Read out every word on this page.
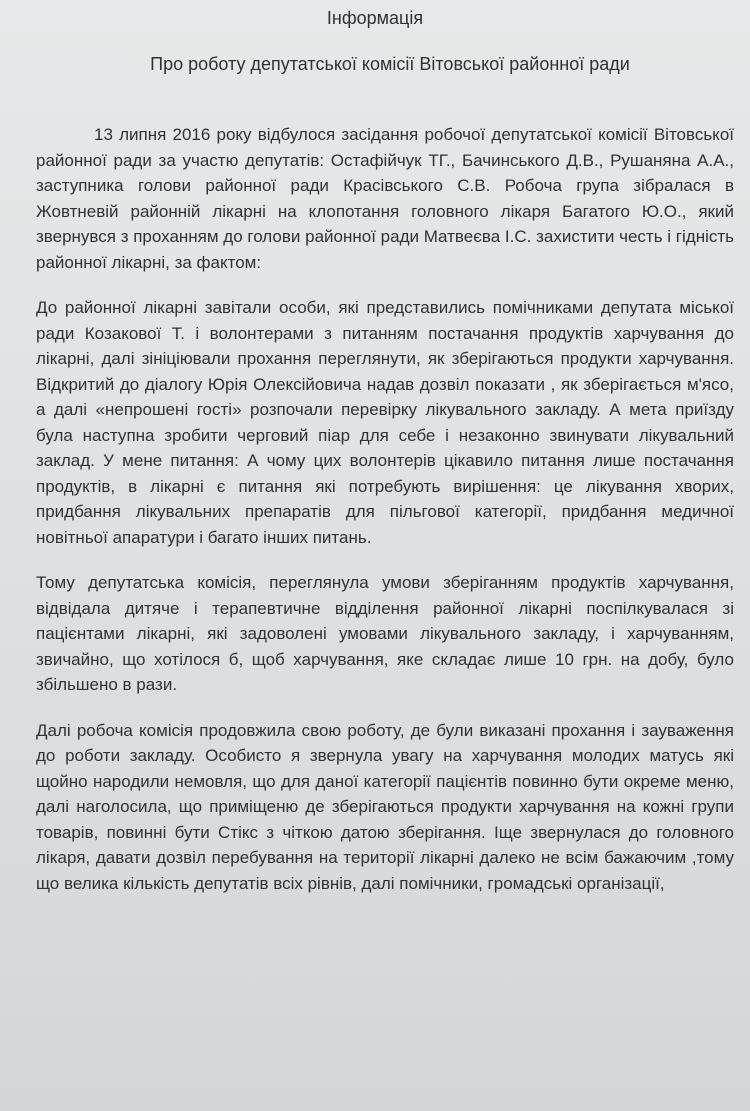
Інформація
Про роботу депутатської комісії Вітовської районної ради

13 липня 2016 року відбулося засідання робочої депутатської комісії Вітовської районної ради за участю депутатів: Остафійчук ТГ., Бачинського Д.В., Рушаняна А.А., заступника голови районної ради Красівського С.В. Робоча група зібралася в Жовтневій районній лікарні на клопотання головного лікаря Багатого Ю.О., який звернувся з проханням до голови районної ради Матвеєва І.С. захистити честь і гідність районної лікарні, за фактом:

До районної лікарні завітали особи, які представились помічниками депутата міської ради Козакової Т. і волонтерами з питанням постачання продуктів харчування до лікарні, далі зініціювали прохання переглянути, як зберігаються продукти харчування. Відкритий до діалогу Юрія Олексійовича надав дозвіл показати , як зберігається м'ясо, а далі «непрошені гості» розпочали перевірку лікувального закладу. А мета приїзду була наступна зробити черговий піар для себе і незаконно звинувати лікувальний заклад. У мене питання: А чому цих волонтерів цікавило питання лише постачання продуктів, в лікарні є питання які потребують вирішення: це лікування хворих, придбання лікувальних препаратів для пільгової категорії, придбання медичної новітньої апаратури і багато інших питань.

Тому депутатська комісія, переглянула умови зберіганням продуктів харчування, відвідала дитяче і терапевтичне відділення районної лікарні поспілкувалася зі пацієнтами лікарні, які задоволені умовами лікувального закладу, і харчуванням, звичайно, що хотілося б, щоб харчування, яке складає лише 10 грн. на добу, було збільшено в рази.

Далі робоча комісія продовжила свою роботу, де були виказані прохання і зауваження до роботи закладу. Особисто я звернула увагу на харчування молодих матусь які щойно народили немовля, що для даної категорії пацієнтів повинно бути окреме меню, далі наголосила, що приміщеню де зберігаються продукти харчування на кожні групи товарів, повинні бути Стікс з чіткою датою зберігання. Іще звернулася до головного лікаря, давати дозвіл перебування на території лікарні далеко не всім бажаючим ,тому що велика кількість депутатів всіх рівнів, далі помічники, громадські організації,
